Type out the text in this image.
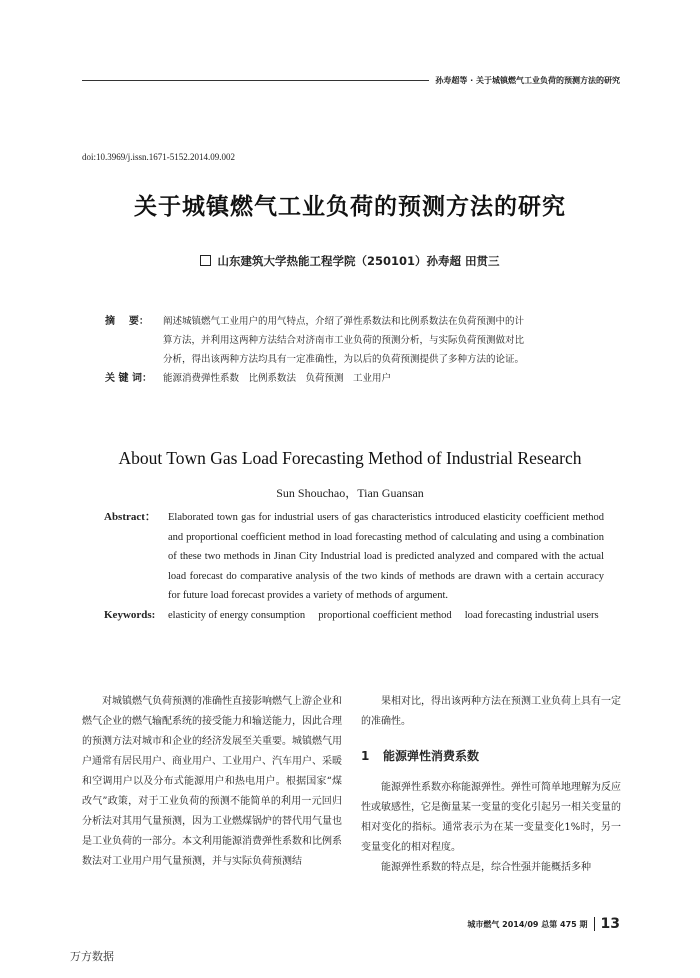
孙寿超等 · 关于城镇燃气工业负荷的预测方法的研究
doi:10.3969/j.issn.1671-5152.2014.09.002
关于城镇燃气工业负荷的预测方法的研究
山东建筑大学热能工程学院（250101）孙寿超 田贯三
摘    要：	阐述城镇燃气工业用户的用气特点，介绍了弹性系数法和比例系数法在负荷预测中的计
算方法，并利用这两种方法结合对济南市工业负荷的预测分析，与实际负荷预测做对比
分析，得出该两种方法均具有一定准确性，为以后的负荷预测提供了多种方法的论证。
关 键 词：	能源消费弹性系数　比例系数法　负荷预测　工业用户
About Town Gas Load Forecasting Method of Industrial Research
Sun Shouchao，Tian Guansan
Abstract：	Elaborated town gas for industrial users of gas characteristics introduced elasticity coefficient method and proportional coefficient method in load forecasting method of calculating and using a combination of these two methods in Jinan City Industrial load is predicted analyzed and compared with the actual load forecast do comparative analysis of the two kinds of methods are drawn with a certain accuracy for future load forecast provides a variety of methods of argument.
Keywords:	elasticity of energy consumption　 proportional coefficient method　 load forecasting industrial users

对城镇燃气负荷预测的准确性直接影响燃气上游企业和燃气企业的燃气输配系统的接受能力和输送能力，因此合理的预测方法对城市和企业的经济发展至关重要。城镇燃气用户通常有居民用户、商业用户、工业用户、汽车用户、采暖和空调用户以及分布式能源用户和热电用户。根据国家“煤改气”政策，对于工业负荷的预测不能简单的利用一元回归分析法对其用气量预测，因为工业燃煤锅炉的替代用气量也是工业负荷的一部分。本文利用能源消费弹性系数和比例系数法对工业用户用气量预测，并与实际负荷预测结

果相对比，得出该两种方法在预测工业负荷上具有一定的准确性。

1 能源弹性消费系数

能源弹性系数亦称能源弹性。弹性可简单地理解为反应性或敏感性，它是衡量某一变量的变化引起另一相关变量的相对变化的指标。通常表示为在某一变量变化1%时，另一变量变化的相对程度。

能源弹性系数的特点是，综合性强并能概括多种

城市燃气 2014/09 总第 475 期 13
万方数据
